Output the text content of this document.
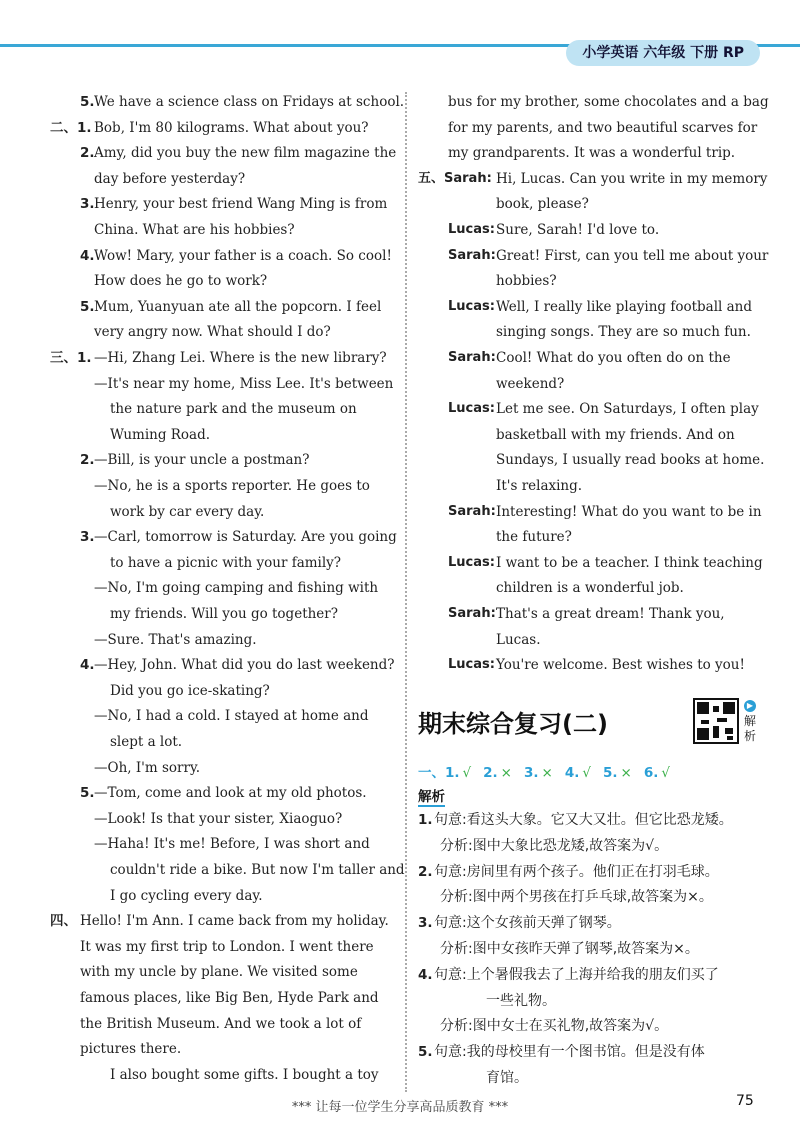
小学英语 六年级 下册 RP
5. We have a science class on Fridays at school.
二、1. Bob, I'm 80 kilograms. What about you?
2. Amy, did you buy the new film magazine the
day before yesterday?
3. Henry, your best friend Wang Ming is from
China. What are his hobbies?
4. Wow! Mary, your father is a coach. So cool!
How does he go to work?
5. Mum, Yuanyuan ate all the popcorn. I feel
very angry now. What should I do?
三、1. —Hi, Zhang Lei. Where is the new library?
—It's near my home, Miss Lee. It's between
the nature park and the museum on
Wuming Road.
2. —Bill, is your uncle a postman?
—No, he is a sports reporter. He goes to
work by car every day.
3. —Carl, tomorrow is Saturday. Are you going
to have a picnic with your family?
—No, I'm going camping and fishing with
my friends. Will you go together?
—Sure. That's amazing.
4. —Hey, John. What did you do last weekend?
Did you go ice-skating?
—No, I had a cold. I stayed at home and
slept a lot.
—Oh, I'm sorry.
5. —Tom, come and look at my old photos.
—Look! Is that your sister, Xiaoguo?
—Haha! It's me! Before, I was short and
couldn't ride a bike. But now I'm taller and
I go cycling every day.
四、 Hello! I'm Ann. I came back from my holiday.
It was my first trip to London. I went there
with my uncle by plane. We visited some
famous places, like Big Ben, Hyde Park and
the British Museum. And we took a lot of
pictures there.
I also bought some gifts. I bought a toy
bus for my brother, some chocolates and a bag
for my parents, and two beautiful scarves for
my grandparents. It was a wonderful trip.
五、Sarah: Hi, Lucas. Can you write in my memory
book, please?
Lucas: Sure, Sarah! I'd love to.
Sarah: Great! First, can you tell me about your
hobbies?
Lucas: Well, I really like playing football and
singing songs. They are so much fun.
Sarah: Cool! What do you often do on the
weekend?
Lucas: Let me see. On Saturdays, I often play
basketball with my friends. And on
Sundays, I usually read books at home.
It's relaxing.
Sarah: Interesting! What do you want to be in
the future?
Lucas: I want to be a teacher. I think teaching
children is a wonderful job.
Sarah: That's a great dream! Thank you,
Lucas.
Lucas: You're welcome. Best wishes to you!
期末综合复习(二)
▶
解析
一、1. √ 2. × 3. × 4. √ 5. × 6. √
解析
1. 句意:看这头大象。它又大又壮。但它比恐龙矮。
分析:图中大象比恐龙矮,故答案为√。
2. 句意:房间里有两个孩子。他们正在打羽毛球。
分析:图中两个男孩在打乒乓球,故答案为×。
3. 句意:这个女孩前天弹了钢琴。
分析:图中女孩昨天弹了钢琴,故答案为×。
4. 句意:上个暑假我去了上海并给我的朋友们买了
一些礼物。
分析:图中女士在买礼物,故答案为√。
5. 句意:我的母校里有一个图书馆。但是没有体
育馆。
*** 让每一位学生分享高品质教育 ***	75
